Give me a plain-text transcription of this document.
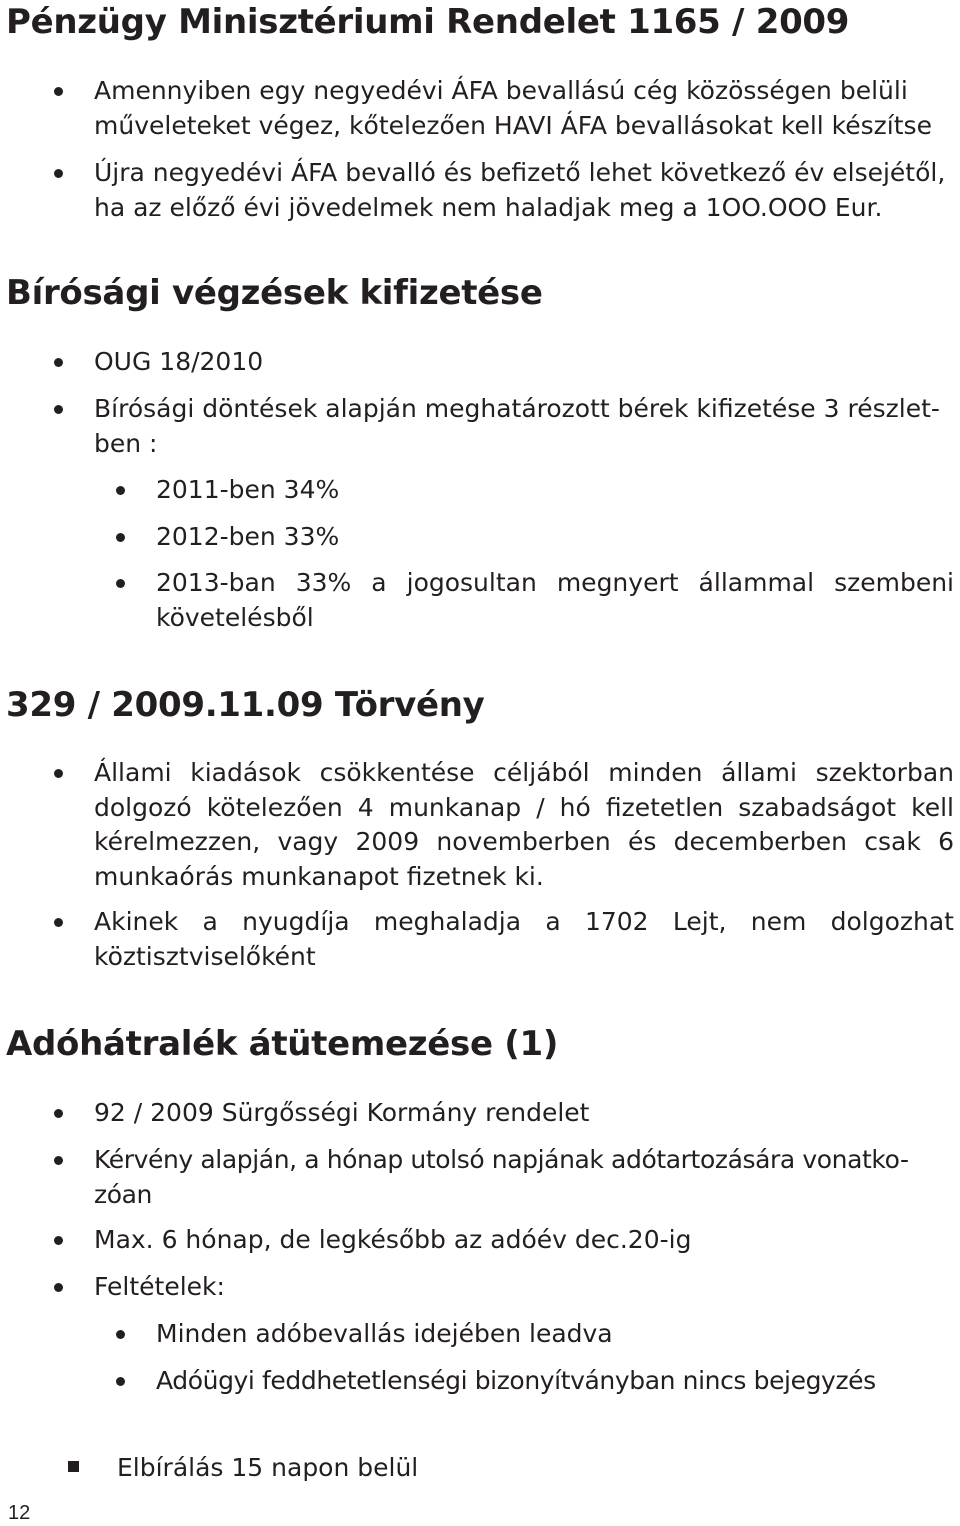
Pénzügy Minisztériumi Rendelet 1165 / 2009
Amennyiben egy negyedévi ÁFA bevallású cég közösségen belüli műveleteket végez, kőtelezően HAVI ÁFA bevallásokat kell készítse
Újra negyedévi ÁFA bevalló és befizető lehet következő év elsejétől, ha az előző évi jövedelmek nem haladjak meg a 1OO.OOO Eur.
Bírósági végzések kifizetése
OUG 18/2010
Bírósági döntések alapján meghatározott bérek kifizetése 3 részlet-ben :
2011-ben 34%
2012-ben 33%
2013-ban 33% a jogosultan megnyert állammal szembeni követelésből
329 / 2009.11.09 Törvény
Állami kiadások csökkentése céljából minden állami szektorban dolgozó kötelezően 4 munkanap / hó fizetetlen szabadságot kell kérelmezzen, vagy 2009 novemberben és decemberben csak 6 munkaórás munkanapot fizetnek ki.
Akinek a nyugdíja meghaladja a 1702 Lejt, nem dolgozhat köztisztviselőként
Adóhátralék átütemezése (1)
92 / 2009 Sürgősségi Kormány rendelet
Kérvény alapján, a hónap utolsó napjának adótartozására vonatko-zóan
Max. 6 hónap, de legkésőbb az adóév dec.20-ig
Feltételek:
Minden adóbevallás idejében leadva
Adóügyi feddhetetlenségi bizonyítványban nincs bejegyzés
Elbírálás 15 napon belül
12
